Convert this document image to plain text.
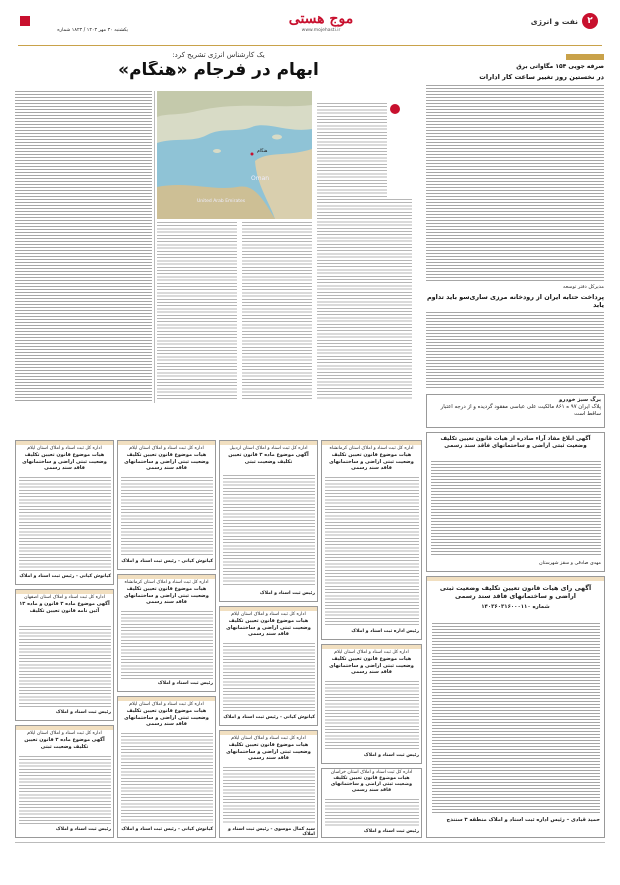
یکشنبه ۳۰ مهر ۱۴۰۳ / ۱۸۲۳ شماره
موج هستی
www.mojehasti.ir
نفت و انرژی	۲
یک کارشناس انرژی تشریح کرد:
ابهام در فرجام «هنگام»
هنگام
Oman
United Arab Emirates
صرفه جویی ۱۵۴ مگاواتی برق
در نخستین روز تغییر ساعت کار ادارات
مدیرکل دفتر توسعه
پرداخت حتابه ایران از رودخانه مرزی ساری‌سو باید تداوم یابد
برگ سبز خودرو
پلاک ایران ۹۷ ه ۸۶۱ مالکیت علی عباسی مفقود گردیده و از درجه اعتبار ساقط است
آگهی ابلاغ مفاد آراء صادره از هیات قانون تعیین تکلیف وضعیت ثبتی اراضی و ساختمانهای فاقد سند رسمی
مهدی صادقی و سقز شهرستان
آگهی رای هیات قانون تعیین تکلیف وضعیت ثبتی اراضی و ساختمانهای فاقد سند رسمی
شماره ۱۴۰۳۶۰۳۱۶۰۰۰۱۱۰
حمید قبادی – رئیس اداره ثبت اسناد و املاک منطقه ۳ سنندج
اداره کل ثبت اسناد و املاک استان کرمانشاه
هیات موضوع قانون تعیین تکلیف وضعیت ثبتی اراضی و ساختمانهای فاقد سند رسمی
رئیس اداره ثبت اسناد و املاک
اداره کل ثبت اسناد و املاک استان ایلام
هیات موضوع قانون تعیین تکلیف وضعیت ثبتی اراضی و ساختمانهای فاقد سند رسمی
رئیس ثبت اسناد و املاک
اداره کل ثبت اسناد و املاک استان خراسان
هیات موضوع قانون تعیین تکلیف وضعیت ثبتی اراضی و ساختمانهای فاقد سند رسمی
رئیس ثبت اسناد و املاک
اداره کل ثبت اسناد و املاک استان اردبیل
آگهی موضوع ماده ۳ قانون تعیین تکلیف وضعیت ثبتی
رئیس ثبت اسناد و املاک
اداره کل ثبت اسناد و املاک استان ایلام
هیات موضوع قانون تعیین تکلیف وضعیت ثبتی اراضی و ساختمانهای فاقد سند رسمی
کیانوش کیانی - رئیس ثبت اسناد و املاک
اداره کل ثبت اسناد و املاک استان ایلام
هیات موضوع قانون تعیین تکلیف وضعیت ثبتی اراضی و ساختمانهای فاقد سند رسمی
سید کمال موسوی - رئیس ثبت اسناد و املاک
اداره کل ثبت اسناد و املاک استان ایلام
هیات موضوع قانون تعیین تکلیف وضعیت ثبتی اراضی و ساختمانهای فاقد سند رسمی
کیانوش کیانی - رئیس ثبت اسناد و املاک
اداره کل ثبت اسناد و املاک استان کرمانشاه
هیات موضوع قانون تعیین تکلیف وضعیت ثبتی اراضی و ساختمانهای فاقد سند رسمی
رئیس ثبت اسناد و املاک
اداره کل ثبت اسناد و املاک استان ایلام
هیات موضوع قانون تعیین تکلیف وضعیت ثبتی اراضی و ساختمانهای فاقد سند رسمی
کیانوش کیانی - رئیس ثبت اسناد و املاک
اداره کل ثبت اسناد و املاک استان ایلام
هیات موضوع قانون تعیین تکلیف وضعیت ثبتی اراضی و ساختمانهای فاقد سند رسمی
کیانوش کیانی - رئیس ثبت اسناد و املاک
اداره کل ثبت اسناد و املاک استان اصفهان
آگهی موضوع ماده ۳ قانون و ماده ۱۳ آئین نامه قانون تعیین تکلیف
رئیس ثبت اسناد و املاک
اداره کل ثبت اسناد و املاک استان ایلام
آگهی موضوع ماده ۳ قانون تعیین تکلیف وضعیت ثبتی
رئیس ثبت اسناد و املاک
